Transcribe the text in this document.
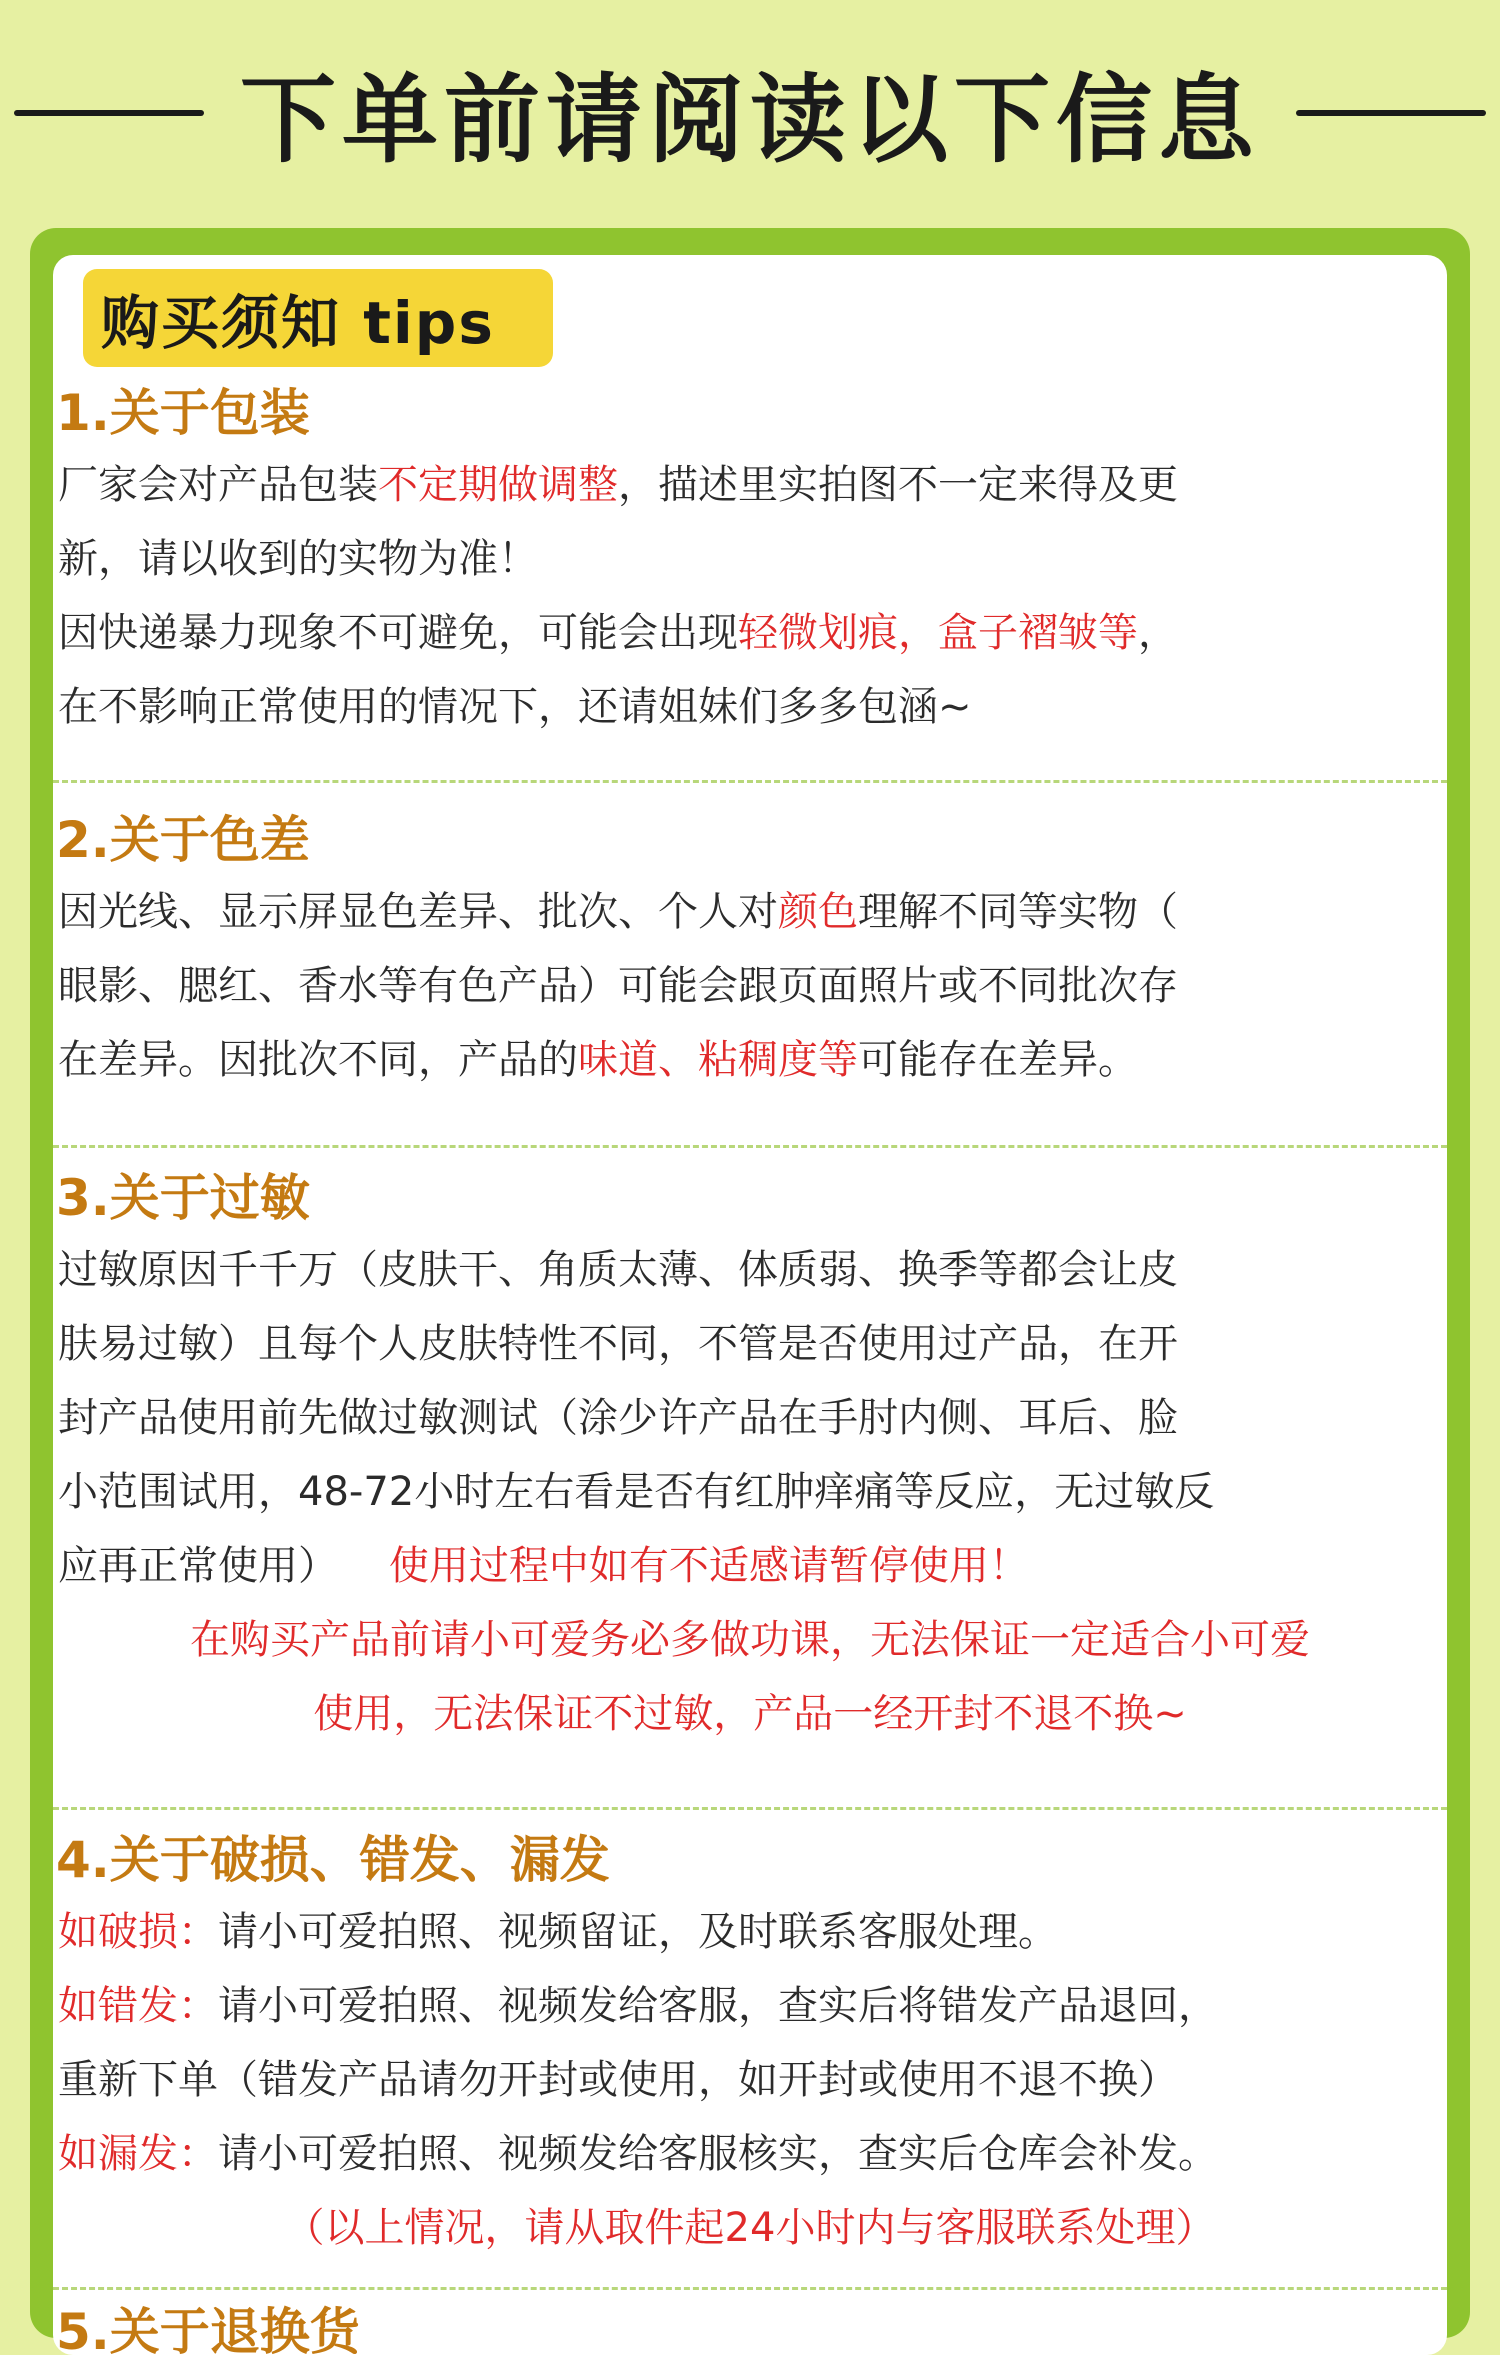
下单前请阅读以下信息
购买须知 tips
1.关于包装
厂家会对产品包装不定期做调整，描述里实拍图不一定来得及更
新，请以收到的实物为准！
因快递暴力现象不可避免，可能会出现轻微划痕，盒子褶皱等，
在不影响正常使用的情况下，还请姐妹们多多包涵~
2.关于色差
因光线、显示屏显色差异、批次、个人对颜色理解不同等实物（
眼影、腮红、香水等有色产品）可能会跟页面照片或不同批次存
在差异。因批次不同，产品的味道、粘稠度等可能存在差异。
3.关于过敏
过敏原因千千万（皮肤干、角质太薄、体质弱、换季等都会让皮
肤易过敏）且每个人皮肤特性不同，不管是否使用过产品，在开
封产品使用前先做过敏测试（涂少许产品在手肘内侧、耳后、脸
小范围试用，48-72小时左右看是否有红肿痒痛等反应，无过敏反
应再正常使用）    使用过程中如有不适感请暂停使用！
在购买产品前请小可爱务必多做功课，无法保证一定适合小可爱
使用，无法保证不过敏，产品一经开封不退不换~
4.关于破损、错发、漏发
如破损：请小可爱拍照、视频留证，及时联系客服处理。
如错发：请小可爱拍照、视频发给客服，查实后将错发产品退回，
重新下单（错发产品请勿开封或使用，如开封或使用不退不换）
如漏发：请小可爱拍照、视频发给客服核实，查实后仓库会补发。
（以上情况，请从取件起24小时内与客服联系处理）
5.关于退换货
